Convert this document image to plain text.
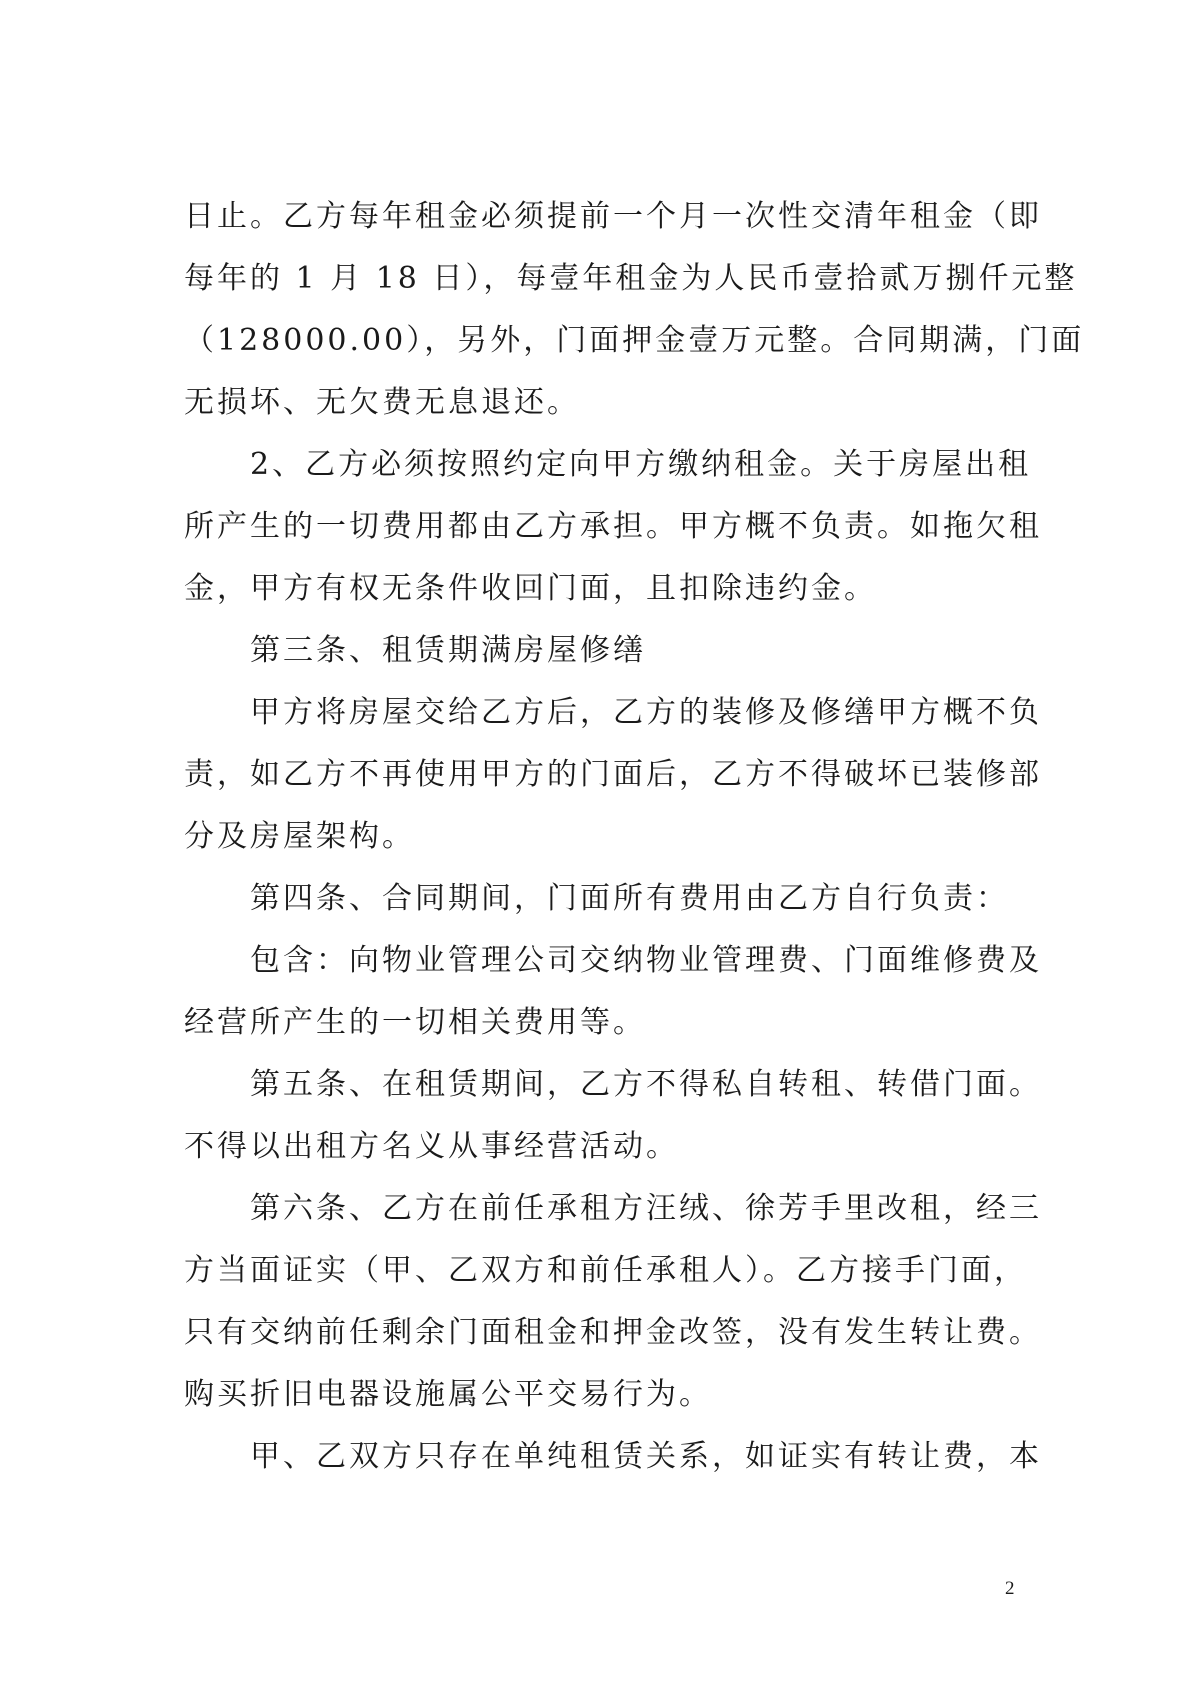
日止。乙方每年租金必须提前一个月一次性交清年租金（即
每年的 1 月 18 日），每壹年租金为人民币壹拾贰万捌仟元整
（128000.00），另外，门面押金壹万元整。合同期满，门面
无损坏、无欠费无息退还。
　　2、乙方必须按照约定向甲方缴纳租金。关于房屋出租
所产生的一切费用都由乙方承担。甲方概不负责。如拖欠租
金，甲方有权无条件收回门面，且扣除违约金。
　　第三条、租赁期满房屋修缮
　　甲方将房屋交给乙方后，乙方的装修及修缮甲方概不负
责，如乙方不再使用甲方的门面后，乙方不得破坏已装修部
分及房屋架构。
　　第四条、合同期间，门面所有费用由乙方自行负责：
　　包含：向物业管理公司交纳物业管理费、门面维修费及
经营所产生的一切相关费用等。
　　第五条、在租赁期间，乙方不得私自转租、转借门面。
不得以出租方名义从事经营活动。
　　第六条、乙方在前任承租方汪绒、徐芳手里改租，经三
方当面证实（甲、乙双方和前任承租人）。乙方接手门面，
只有交纳前任剩余门面租金和押金改签，没有发生转让费。
购买折旧电器设施属公平交易行为。
　　甲、乙双方只存在单纯租赁关系，如证实有转让费，本
2
